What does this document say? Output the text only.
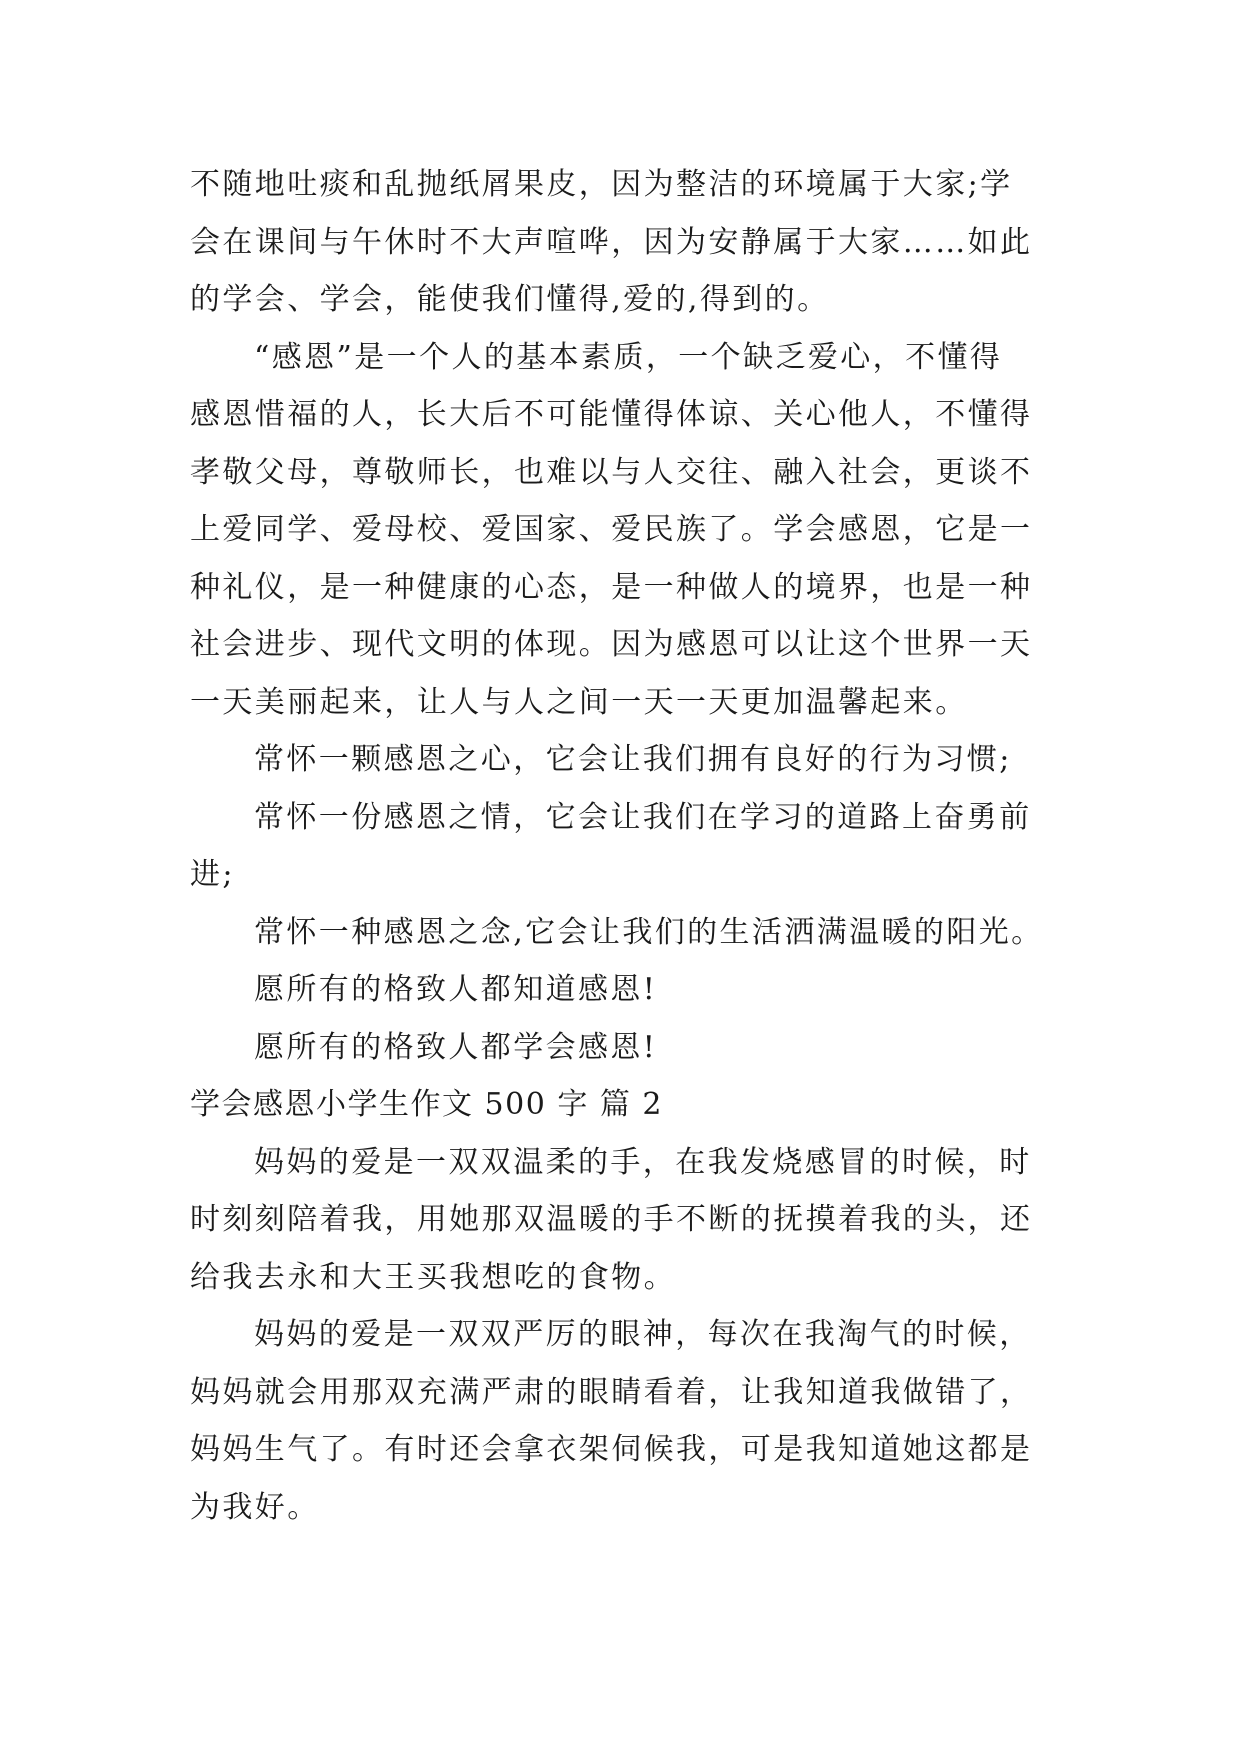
不随地吐痰和乱抛纸屑果皮，因为整洁的环境属于大家;学
会在课间与午休时不大声喧哗，因为安静属于大家……如此
的学会、学会，能使我们懂得,爱的,得到的。
“感恩”是一个人的基本素质，一个缺乏爱心，不懂得
感恩惜福的人，长大后不可能懂得体谅、关心他人，不懂得
孝敬父母，尊敬师长，也难以与人交往、融入社会，更谈不
上爱同学、爱母校、爱国家、爱民族了。学会感恩，它是一
种礼仪，是一种健康的心态，是一种做人的境界，也是一种
社会进步、现代文明的体现。因为感恩可以让这个世界一天
一天美丽起来，让人与人之间一天一天更加温馨起来。
常怀一颗感恩之心，它会让我们拥有良好的行为习惯;
常怀一份感恩之情，它会让我们在学习的道路上奋勇前
进;
常怀一种感恩之念,它会让我们的生活洒满温暖的阳光。
愿所有的格致人都知道感恩!
愿所有的格致人都学会感恩!
学会感恩小学生作文 500 字 篇 2
妈妈的爱是一双双温柔的手，在我发烧感冒的时候，时
时刻刻陪着我，用她那双温暖的手不断的抚摸着我的头，还
给我去永和大王买我想吃的食物。
妈妈的爱是一双双严厉的眼神，每次在我淘气的时候，
妈妈就会用那双充满严肃的眼睛看着，让我知道我做错了，
妈妈生气了。有时还会拿衣架伺候我，可是我知道她这都是
为我好。
